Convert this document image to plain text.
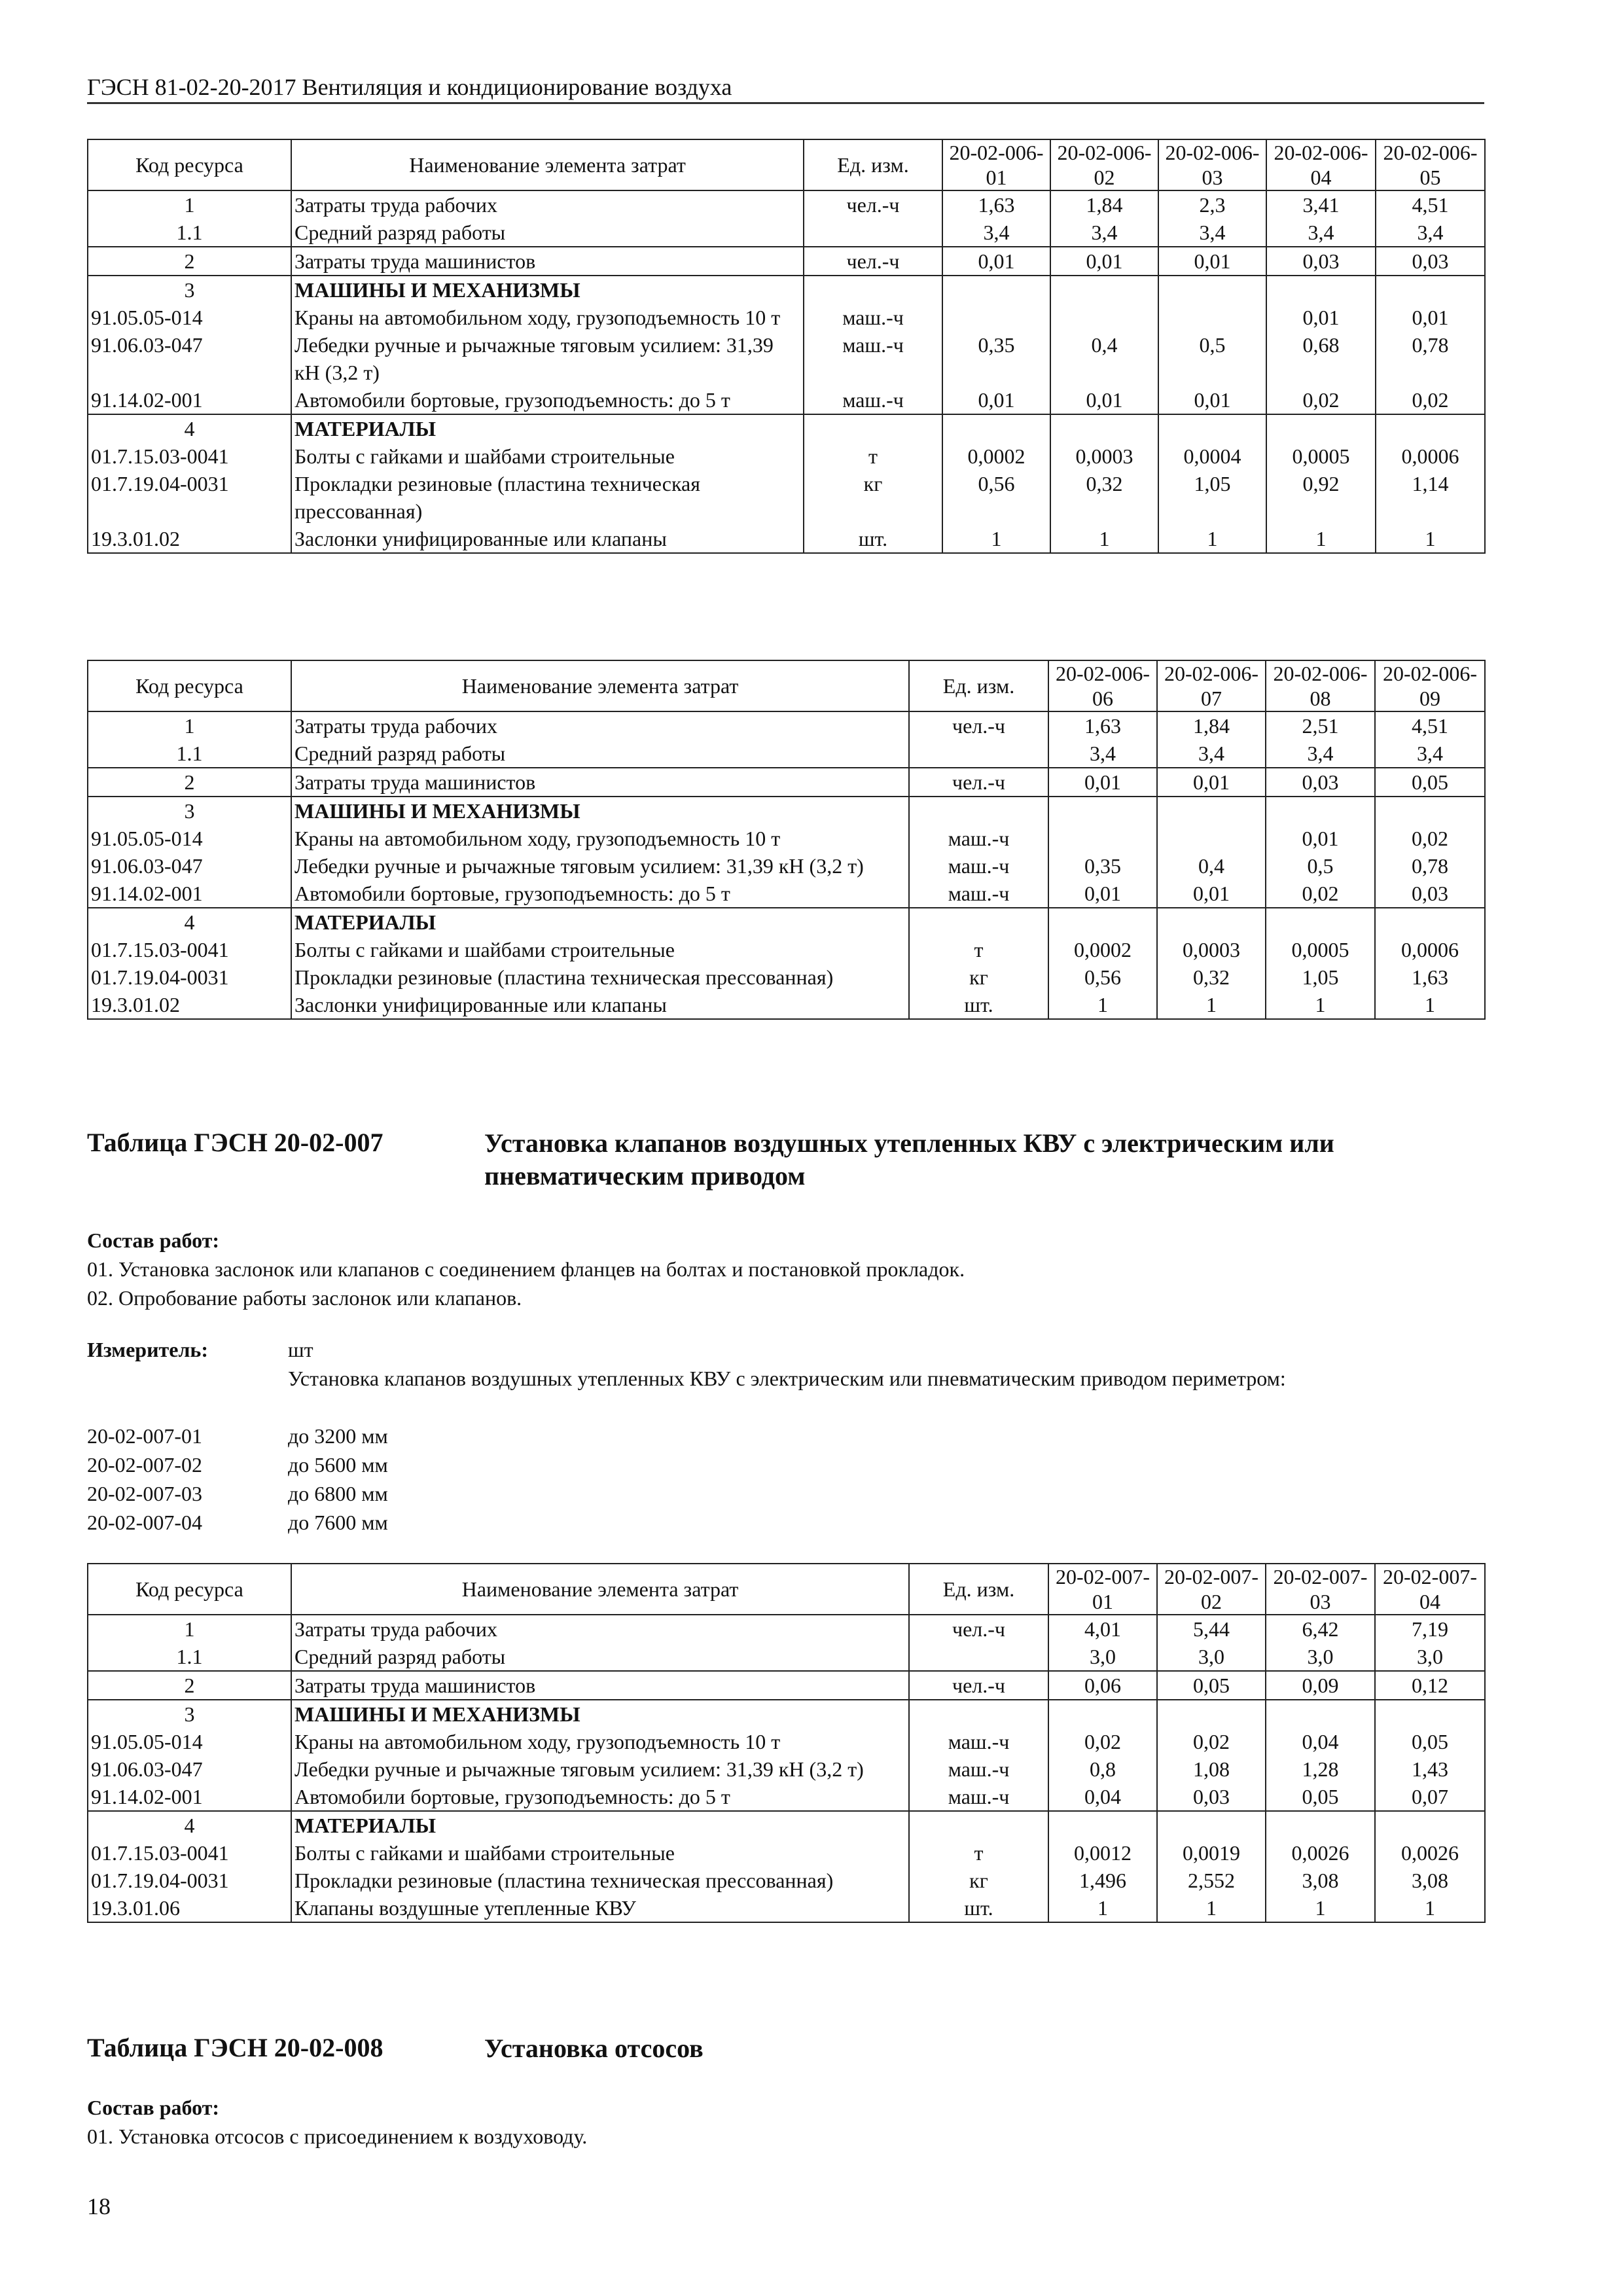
ГЭСН 81-02-20-2017 Вентиляция и кондиционирование воздуха
Код ресурса	Наименование элемента затрат	Ед. изм.	20-02-006-01	20-02-006-02	20-02-006-03	20-02-006-04	20-02-006-05
1	Затраты труда рабочих	чел.-ч	1,63	1,84	2,3	3,41	4,51
1.1	Средний разряд работы		3,4	3,4	3,4	3,4	3,4
2	Затраты труда машинистов	чел.-ч	0,01	0,01	0,01	0,03	0,03
3	МАШИНЫ И МЕХАНИЗМЫ						
91.05.05-014	Краны на автомобильном ходу, грузоподъемность 10 т	маш.-ч				0,01	0,01
91.06.03-047	Лебедки ручные и рычажные тяговым усилием: 31,39 кН (3,2 т)	маш.-ч	0,35	0,4	0,5	0,68	0,78
91.14.02-001	Автомобили бортовые, грузоподъемность: до 5 т	маш.-ч	0,01	0,01	0,01	0,02	0,02
4	МАТЕРИАЛЫ						
01.7.15.03-0041	Болты с гайками и шайбами строительные	т	0,0002	0,0003	0,0004	0,0005	0,0006
01.7.19.04-0031	Прокладки резиновые (пластина техническая прессованная)	кг	0,56	0,32	1,05	0,92	1,14
19.3.01.02	Заслонки унифицированные или клапаны	шт.	1	1	1	1	1
Код ресурса	Наименование элемента затрат	Ед. изм.	20-02-006-06	20-02-006-07	20-02-006-08	20-02-006-09
1	Затраты труда рабочих	чел.-ч	1,63	1,84	2,51	4,51
1.1	Средний разряд работы		3,4	3,4	3,4	3,4
2	Затраты труда машинистов	чел.-ч	0,01	0,01	0,03	0,05
3	МАШИНЫ И МЕХАНИЗМЫ					
91.05.05-014	Краны на автомобильном ходу, грузоподъемность 10 т	маш.-ч			0,01	0,02
91.06.03-047	Лебедки ручные и рычажные тяговым усилием: 31,39 кН (3,2 т)	маш.-ч	0,35	0,4	0,5	0,78
91.14.02-001	Автомобили бортовые, грузоподъемность: до 5 т	маш.-ч	0,01	0,01	0,02	0,03
4	МАТЕРИАЛЫ					
01.7.15.03-0041	Болты с гайками и шайбами строительные	т	0,0002	0,0003	0,0005	0,0006
01.7.19.04-0031	Прокладки резиновые (пластина техническая прессованная)	кг	0,56	0,32	1,05	1,63
19.3.01.02	Заслонки унифицированные или клапаны	шт.	1	1	1	1
Таблица ГЭСН 20-02-007	Установка клапанов воздушных утепленных КВУ с электрическим или пневматическим приводом
Состав работ:
01. Установка заслонок или клапанов с соединением фланцев на болтах и постановкой прокладок.
02. Опробование работы заслонок или клапанов.
Измеритель:	шт
Установка клапанов воздушных утепленных КВУ с электрическим или пневматическим приводом периметром:
20-02-007-01	до 3200 мм
20-02-007-02	до 5600 мм
20-02-007-03	до 6800 мм
20-02-007-04	до 7600 мм
Код ресурса	Наименование элемента затрат	Ед. изм.	20-02-007-01	20-02-007-02	20-02-007-03	20-02-007-04
1	Затраты труда рабочих	чел.-ч	4,01	5,44	6,42	7,19
1.1	Средний разряд работы		3,0	3,0	3,0	3,0
2	Затраты труда машинистов	чел.-ч	0,06	0,05	0,09	0,12
3	МАШИНЫ И МЕХАНИЗМЫ					
91.05.05-014	Краны на автомобильном ходу, грузоподъемность 10 т	маш.-ч	0,02	0,02	0,04	0,05
91.06.03-047	Лебедки ручные и рычажные тяговым усилием: 31,39 кН (3,2 т)	маш.-ч	0,8	1,08	1,28	1,43
91.14.02-001	Автомобили бортовые, грузоподъемность: до 5 т	маш.-ч	0,04	0,03	0,05	0,07
4	МАТЕРИАЛЫ					
01.7.15.03-0041	Болты с гайками и шайбами строительные	т	0,0012	0,0019	0,0026	0,0026
01.7.19.04-0031	Прокладки резиновые (пластина техническая прессованная)	кг	1,496	2,552	3,08	3,08
19.3.01.06	Клапаны воздушные утепленные КВУ	шт.	1	1	1	1
Таблица ГЭСН 20-02-008	Установка отсосов
Состав работ:
01. Установка отсосов с присоединением к воздуховоду.
18
